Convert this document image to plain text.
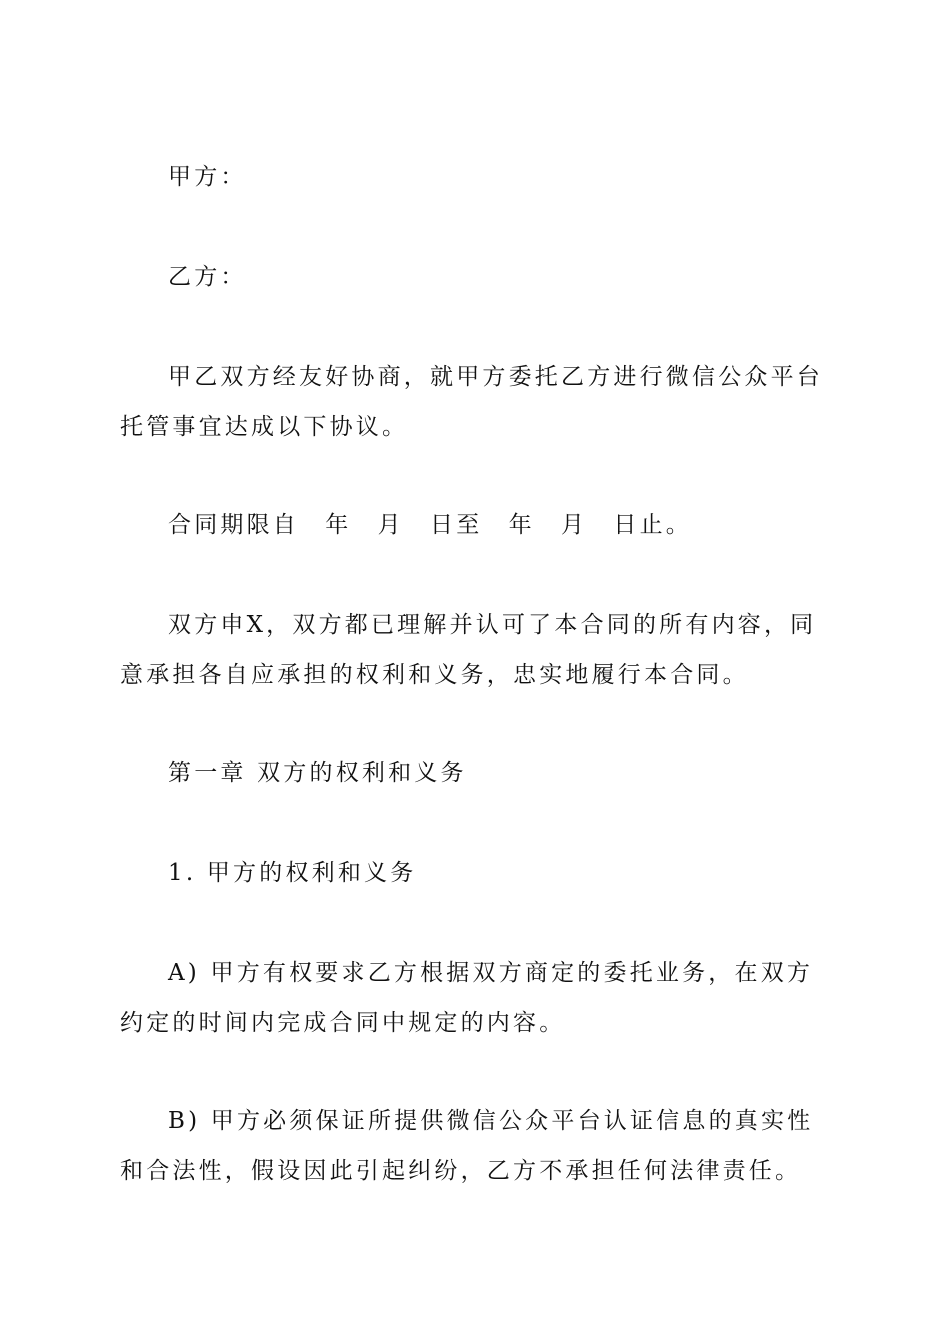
甲方：
乙方：
甲乙双方经友好协商，就甲方委托乙方进行微信公众平台托管事宜达成以下协议。
合同期限自　年　月　日至　年　月　日止。
双方申X，双方都已理解并认可了本合同的所有内容，同意承担各自应承担的权利和义务，忠实地履行本合同。
第一章 双方的权利和义务
1. 甲方的权利和义务
A) 甲方有权要求乙方根据双方商定的委托业务，在双方约定的时间内完成合同中规定的内容。
B) 甲方必须保证所提供微信公众平台认证信息的真实性和合法性，假设因此引起纠纷，乙方不承担任何法律责任。
